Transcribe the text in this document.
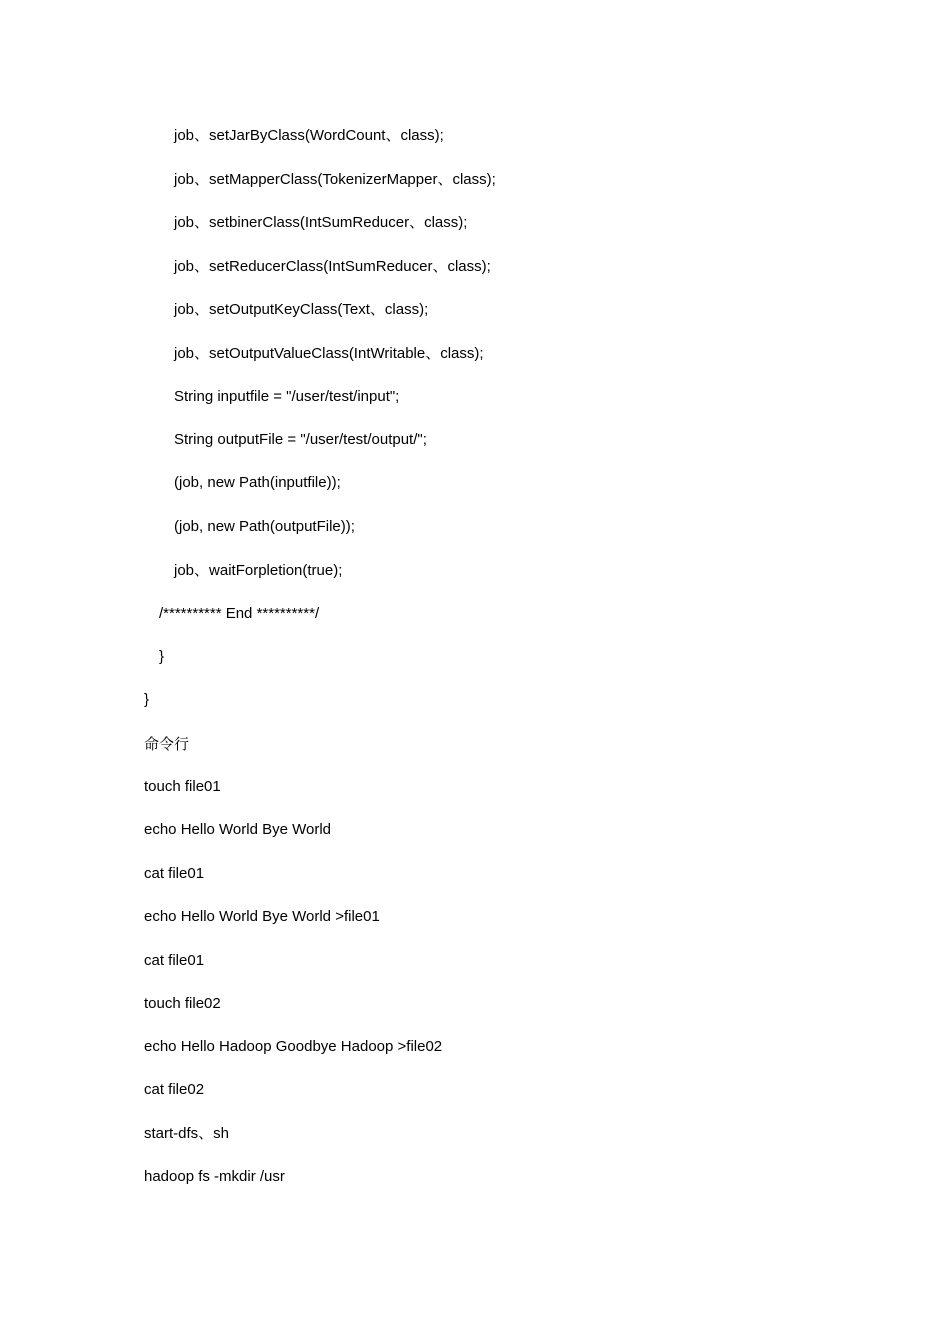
job、setJarByClass(WordCount、class);
job、setMapperClass(TokenizerMapper、class);
job、setbinerClass(IntSumReducer、class);
job、setReducerClass(IntSumReducer、class);
job、setOutputKeyClass(Text、class);
job、setOutputValueClass(IntWritable、class);
String inputfile = "/user/test/input";
String outputFile = "/user/test/output/";
(job, new Path(inputfile));
(job, new Path(outputFile));
job、waitForpletion(true);
/********** End **********/
}
}
命令行
touch file01
echo Hello World Bye World
cat file01
echo Hello World Bye World >file01
cat file01
touch file02
echo Hello Hadoop Goodbye Hadoop >file02
cat file02
start-dfs、sh
hadoop fs -mkdir /usr
